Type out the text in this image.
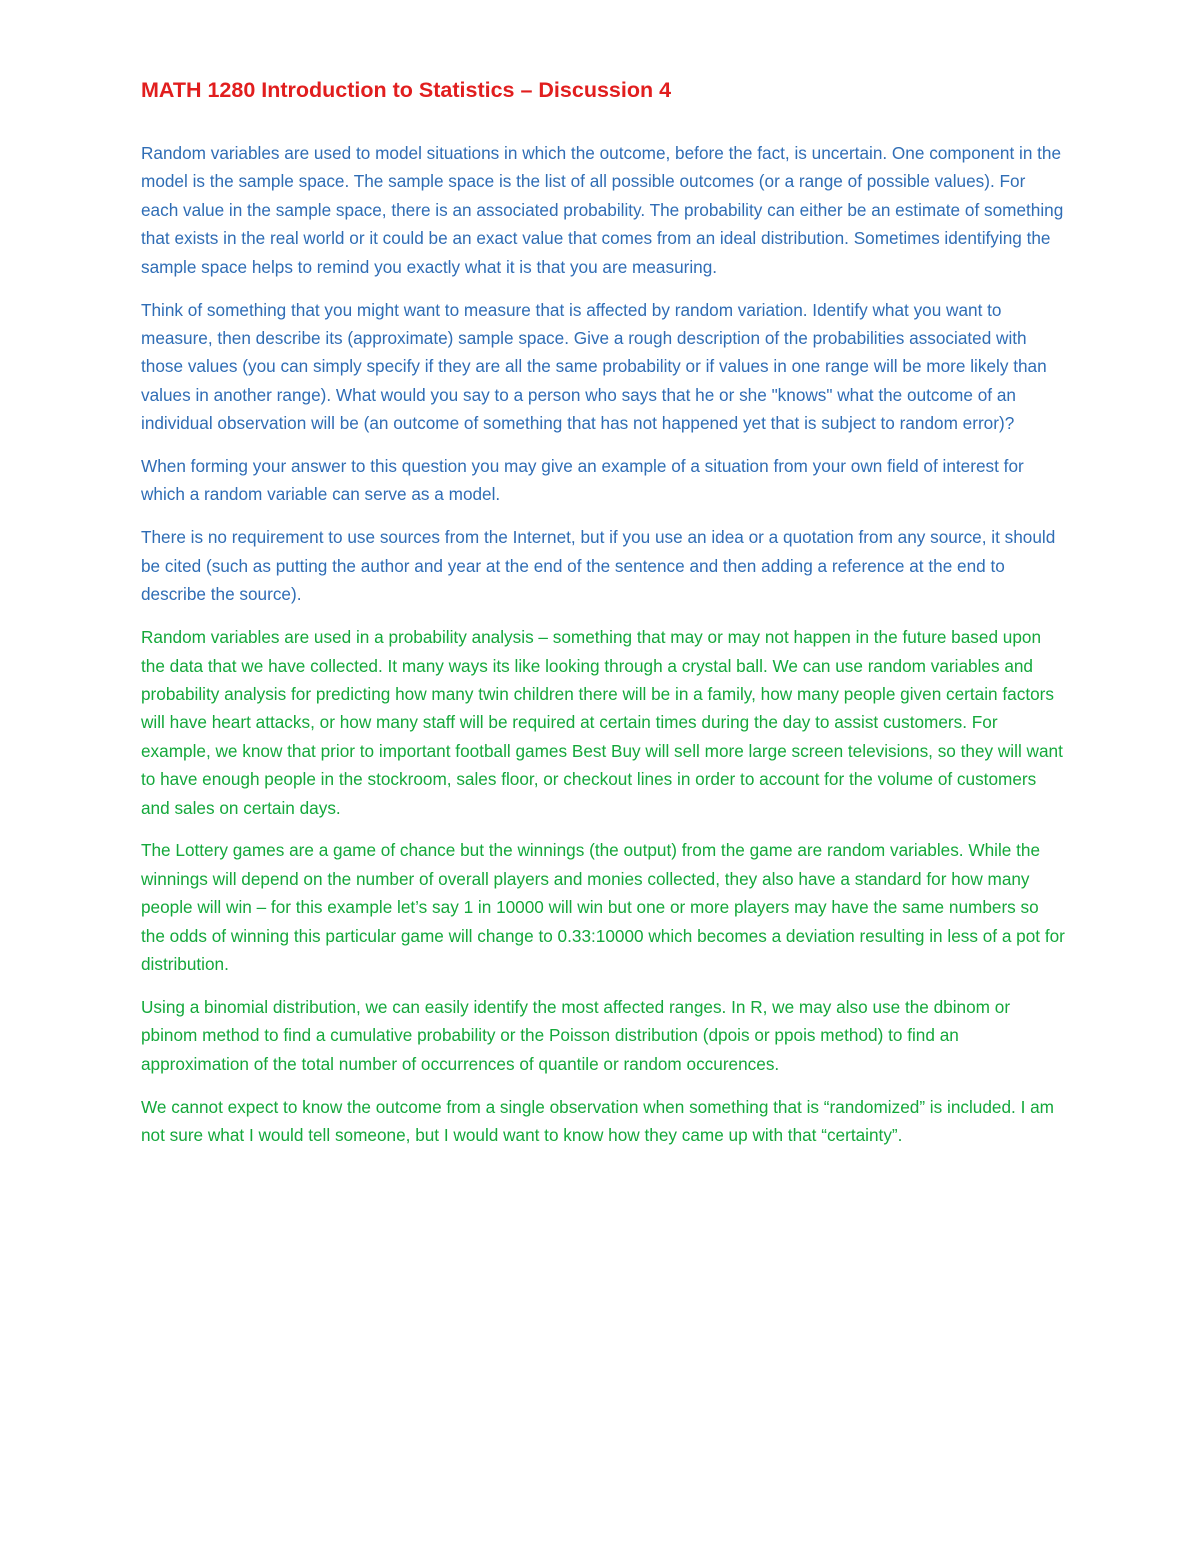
MATH 1280 Introduction to Statistics – Discussion 4

Random variables are used to model situations in which the outcome, before the fact, is uncertain. One component in the model is the sample space. The sample space is the list of all possible outcomes (or a range of possible values). For each value in the sample space, there is an associated probability. The probability can either be an estimate of something that exists in the real world or it could be an exact value that comes from an ideal distribution. Sometimes identifying the sample space helps to remind you exactly what it is that you are measuring.

Think of something that you might want to measure that is affected by random variation. Identify what you want to measure, then describe its (approximate) sample space. Give a rough description of the probabilities associated with those values (you can simply specify if they are all the same probability or if values in one range will be more likely than values in another range). What would you say to a person who says that he or she "knows" what the outcome of an individual observation will be (an outcome of something that has not happened yet that is subject to random error)?

When forming your answer to this question you may give an example of a situation from your own field of interest for which a random variable can serve as a model.

There is no requirement to use sources from the Internet, but if you use an idea or a quotation from any source, it should be cited (such as putting the author and year at the end of the sentence and then adding a reference at the end to describe the source).

Random variables are used in a probability analysis – something that may or may not happen in the future based upon the data that we have collected. It many ways its like looking through a crystal ball. We can use random variables and probability analysis for predicting how many twin children there will be in a family, how many people given certain factors will have heart attacks, or how many staff will be required at certain times during the day to assist customers. For example, we know that prior to important football games Best Buy will sell more large screen televisions, so they will want to have enough people in the stockroom, sales floor, or checkout lines in order to account for the volume of customers and sales on certain days.

The Lottery games are a game of chance but the winnings (the output) from the game are random variables. While the winnings will depend on the number of overall players and monies collected, they also have a standard for how many people will win – for this example let’s say 1 in 10000 will win but one or more players may have the same numbers so the odds of winning this particular game will change to 0.33:10000 which becomes a deviation resulting in less of a pot for distribution.

Using a binomial distribution, we can easily identify the most affected ranges. In R, we may also use the dbinom or pbinom method to find a cumulative probability or the Poisson distribution (dpois or ppois method) to find an approximation of the total number of occurrences of quantile or random occurences.

We cannot expect to know the outcome from a single observation when something that is “randomized” is included. I am not sure what I would tell someone, but I would want to know how they came up with that “certainty”.
